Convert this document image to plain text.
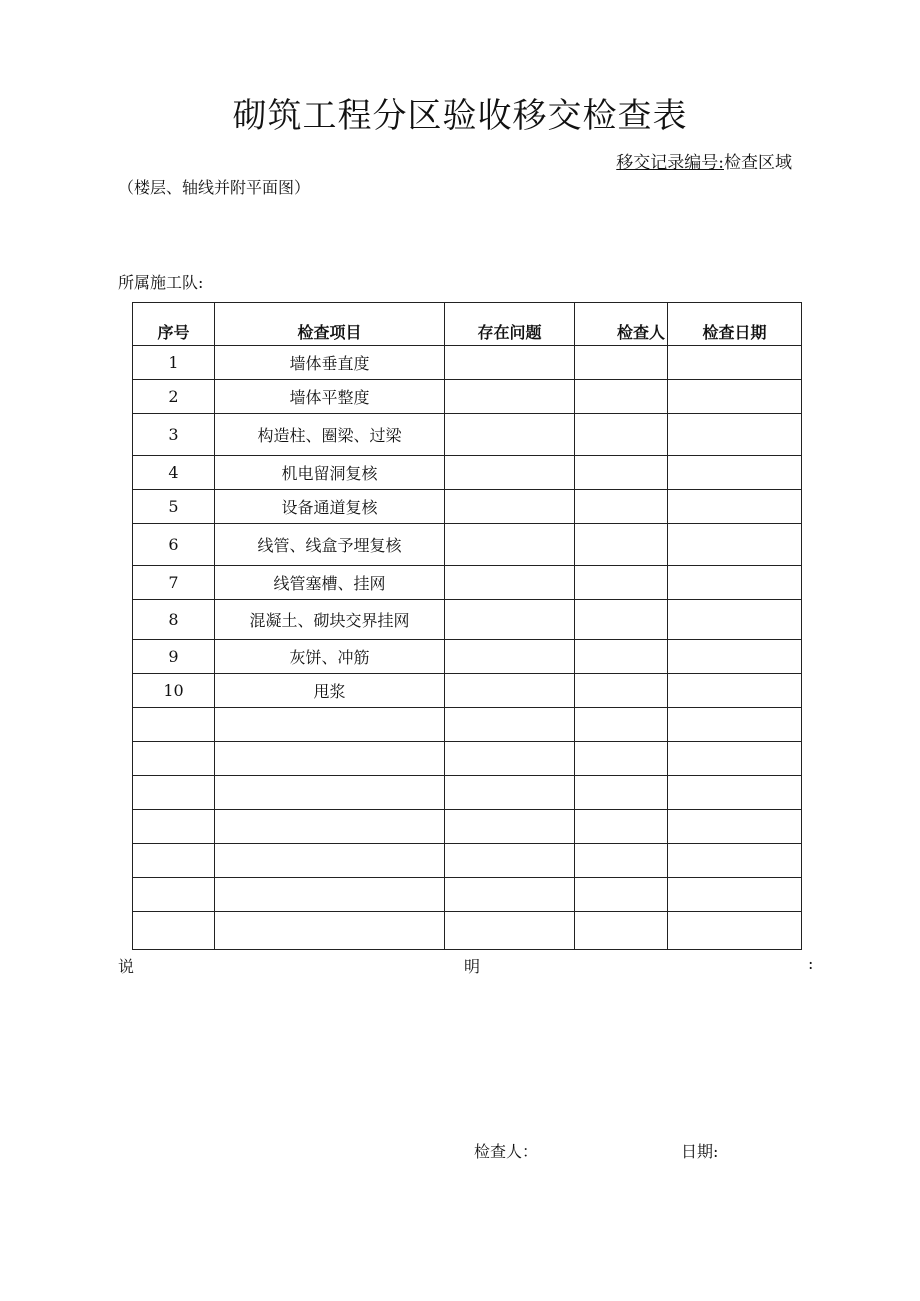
砌筑工程分区验收移交检查表
移交记录编号:检查区域
（楼层、轴线并附平面图）
所属施工队:
序号	检查项目	存在问题	检查人	检查日期
1	墙体垂直度			
2	墙体平整度			
3	构造柱、圈梁、过梁			
4	机电留洞复核			
5	设备通道复核			
6	线管、线盒予埋复核			
7	线管塞槽、挂网			
8	混凝土、砌块交界挂网			
9	灰饼、冲筋			
10	甩浆			

说	明	:
检查人：	日期:
